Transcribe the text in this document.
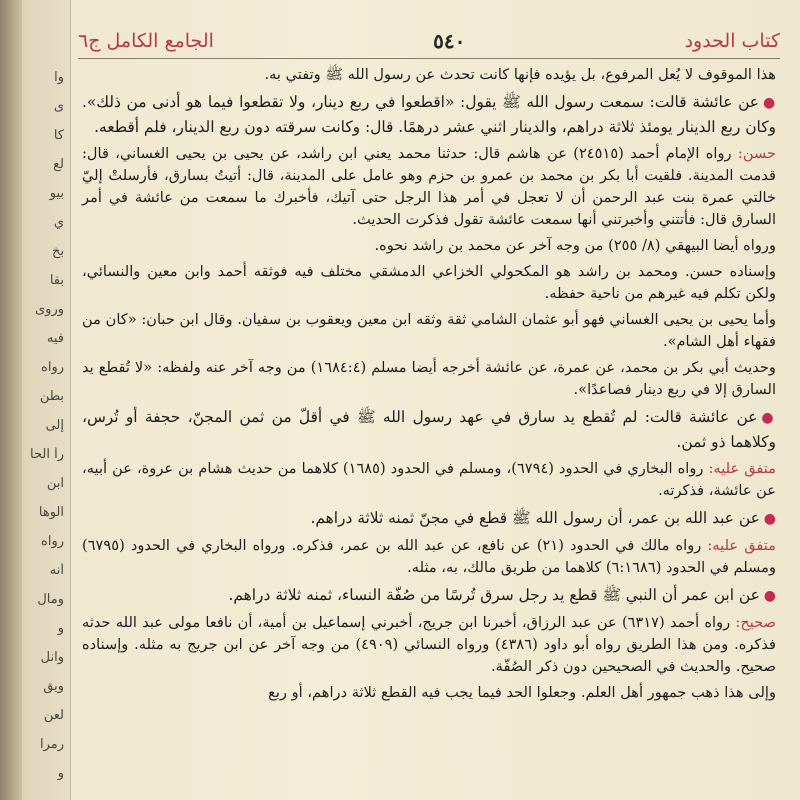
وا
ى
كا
لع
بيو
ي
بخ
بقا
وروى
فيه
رواه
بطن
إلى
رأ الحا
ابن
الوها
رواه
أنه
ومال
و
وانل
ويق
لعن
رمرا
و
الجامع الكامل ج٦	٥٤٠	كتاب الحدود

هذا الموقوف لا يُعل المرفوع، بل يؤيده فإنها كانت تحدث عن رسول الله ﷺ وتفتي به.

●عن عائشة قالت: سمعت رسول الله ﷺ يقول: «اقطعوا في ربع دينار، ولا تقطعوا فيما هو أدنى من ذلك». وكان ربع الدينار يومئذ ثلاثة دراهم، والدينار اثني عشر درهمًا. قال: وكانت سرقته دون ربع الدينار، فلم أقطعه.

حسن: رواه الإمام أحمد (٢٤٥١٥) عن هاشم قال: حدثنا محمد يعني ابن راشد، عن يحيى بن يحيى الغساني، قال: قدمت المدينة. فلقيت أبا بكر بن محمد بن عمرو بن حزم وهو عامل على المدينة، قال: أتيتُ بسارق، فأرسلتْ إليّ خالتي عمرة بنت عبد الرحمن أن لا تعجل في أمر هذا الرجل حتى آتيك، فأخبرك ما سمعت من عائشة في أمر السارق قال: فأتتني وأخبرتني أنها سمعت عائشة تقول فذكرت الحديث.

ورواه أيضا البيهقي (٨/ ٢٥٥) من وجه آخر عن محمد بن راشد نحوه.

وإسناده حسن. ومحمد بن راشد هو المكحولي الخزاعي الدمشقي مختلف فيه فوثقه أحمد وابن معين والنسائي، ولكن تكلم فيه غيرهم من ناحية حفظه.

وأما يحيى بن يحيى الغساني فهو أبو عثمان الشامي ثقة وثقه ابن معين ويعقوب بن سفيان. وقال ابن حبان: «كان من فقهاء أهل الشام».

وحديث أبي بكر بن محمد، عن عمرة، عن عائشة أخرجه أيضا مسلم (١٦٨٤:٤) من وجه آخر عنه ولفظه: «لا تُقطع يد السارق إلا في ربع دينار فصاعدًا».

●عن عائشة قالت: لم تُقطع يد سارق في عهد رسول الله ﷺ في أقلّ من ثمن المجنّ، حجفة أو تُرس، وكلاهما ذو ثمن.

متفق عليه: رواه البخاري في الحدود (٦٧٩٤)، ومسلم في الحدود (١٦٨٥) كلاهما من حديث هشام بن عروة، عن أبيه، عن عائشة، فذكرته.

●عن عبد الله بن عمر، أن رسول الله ﷺ قطع في مجنّ ثمنه ثلاثة دراهم.

متفق عليه: رواه مالك في الحدود (٢١) عن نافع، عن عبد الله بن عمر، فذكره. ورواه البخاري في الحدود (٦٧٩٥) ومسلم في الحدود (٦:١٦٨٦) كلاهما من طريق مالك، به، مثله.

●عن ابن عمر أن النبي ﷺ قطع يد رجل سرق تُرسًا من صُفّة النساء، ثمنه ثلاثة دراهم.

صحيح: رواه أحمد (٦٣١٧) عن عبد الرزاق، أخبرنا ابن جريج، أخبرني إسماعيل بن أمية، أن نافعا مولى عبد الله حدثه فذكره. ومن هذا الطريق رواه أبو داود (٤٣٨٦) ورواه النسائي (٤٩٠٩) من وجه آخر عن ابن جريج به مثله. وإسناده صحيح. والحديث في الصحيحين دون ذكر الصُفّة.

وإلى هذا ذهب جمهور أهل العلم. وجعلوا الحد فيما يجب فيه القطع ثلاثة دراهم، أو ربع
